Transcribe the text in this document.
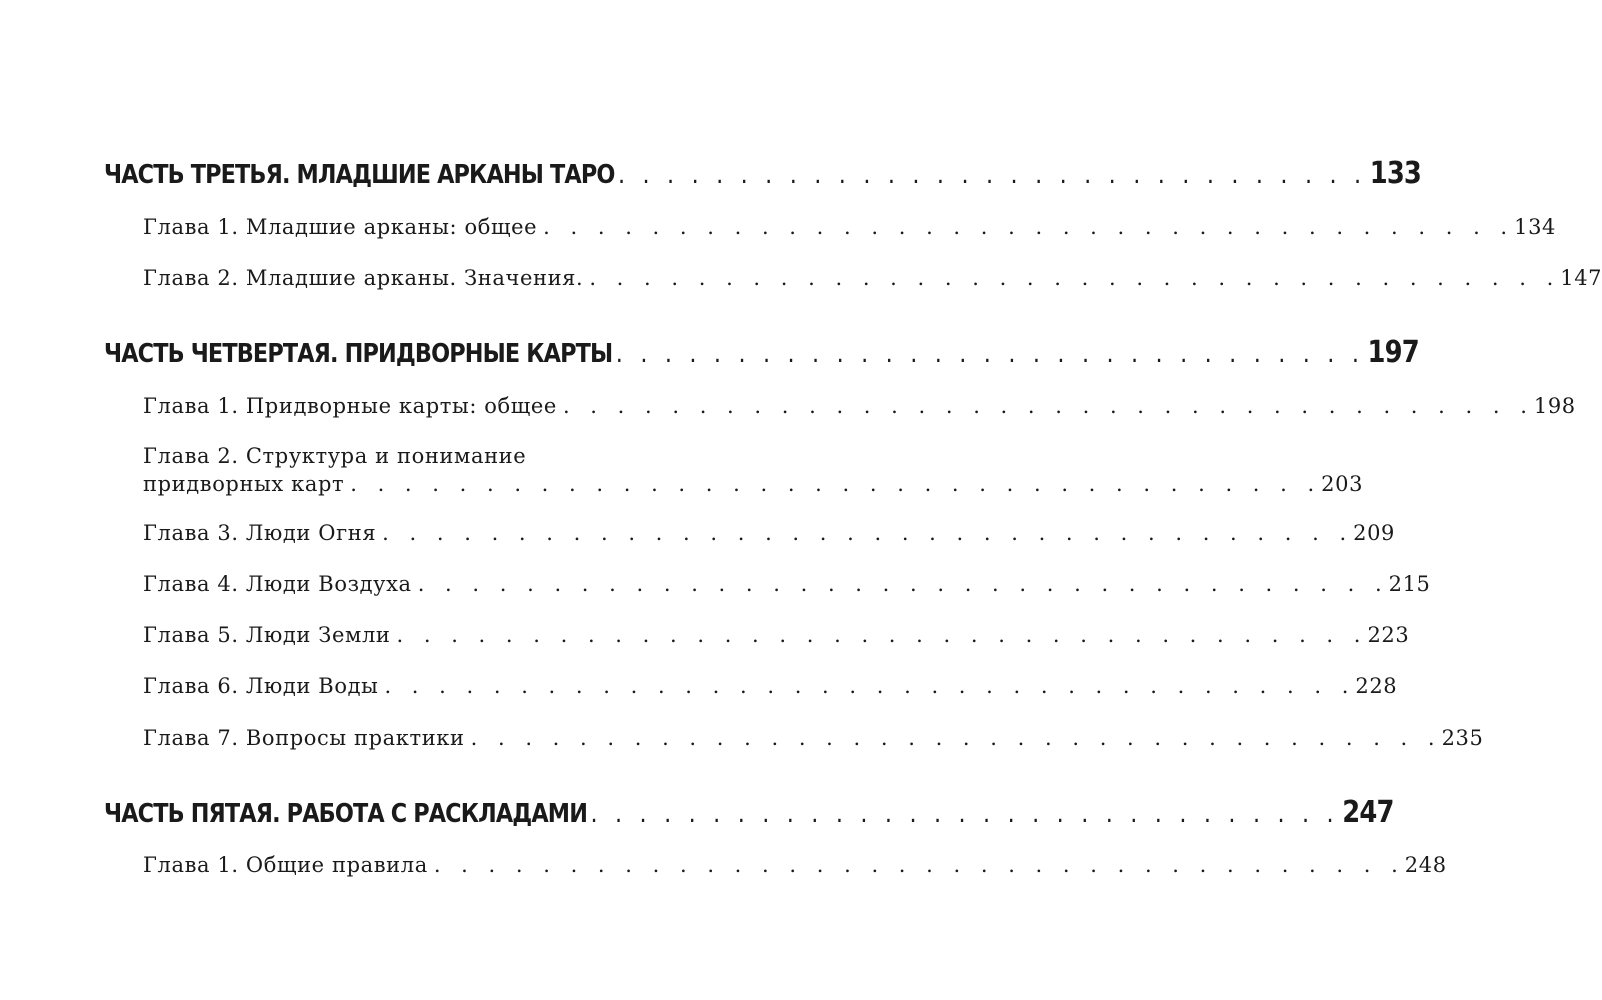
ЧАСТЬ ТРЕТЬЯ. МЛАДШИЕ АРКАНЫ ТАРО . . . . . . . . . . . . . . . . . . . . . . . . . . . . . . . 133
Глава 1. Младшие арканы: общее . . . . . . . . . . . . . . . . . . . . . . . . . . . . . . . . . . . . 134
Глава 2. Младшие арканы. Значения. . . . . . . . . . . . . . . . . . . . . . . . . . . . . . . . . . . . . 147
ЧАСТЬ ЧЕТВЕРТАЯ. ПРИДВОРНЫЕ КАРТЫ . . . . . . . . . . . . . . . . . . . . . . . . . . . . . . . 197
Глава 1. Придворные карты: общее . . . . . . . . . . . . . . . . . . . . . . . . . . . . . . . . . . . . 198
Глава 2. Структура и понимание
придворных карт . . . . . . . . . . . . . . . . . . . . . . . . . . . . . . . . . . . . 203
Глава 3. Люди Огня . . . . . . . . . . . . . . . . . . . . . . . . . . . . . . . . . . . . 209
Глава 4. Люди Воздуха . . . . . . . . . . . . . . . . . . . . . . . . . . . . . . . . . . . . 215
Глава 5. Люди Земли . . . . . . . . . . . . . . . . . . . . . . . . . . . . . . . . . . . . 223
Глава 6. Люди Воды . . . . . . . . . . . . . . . . . . . . . . . . . . . . . . . . . . . . 228
Глава 7. Вопросы практики . . . . . . . . . . . . . . . . . . . . . . . . . . . . . . . . . . . . 235
ЧАСТЬ ПЯТАЯ. РАБОТА С РАСКЛАДАМИ . . . . . . . . . . . . . . . . . . . . . . . . . . . . . . . 247
Глава 1. Общие правила . . . . . . . . . . . . . . . . . . . . . . . . . . . . . . . . . . . . 248
